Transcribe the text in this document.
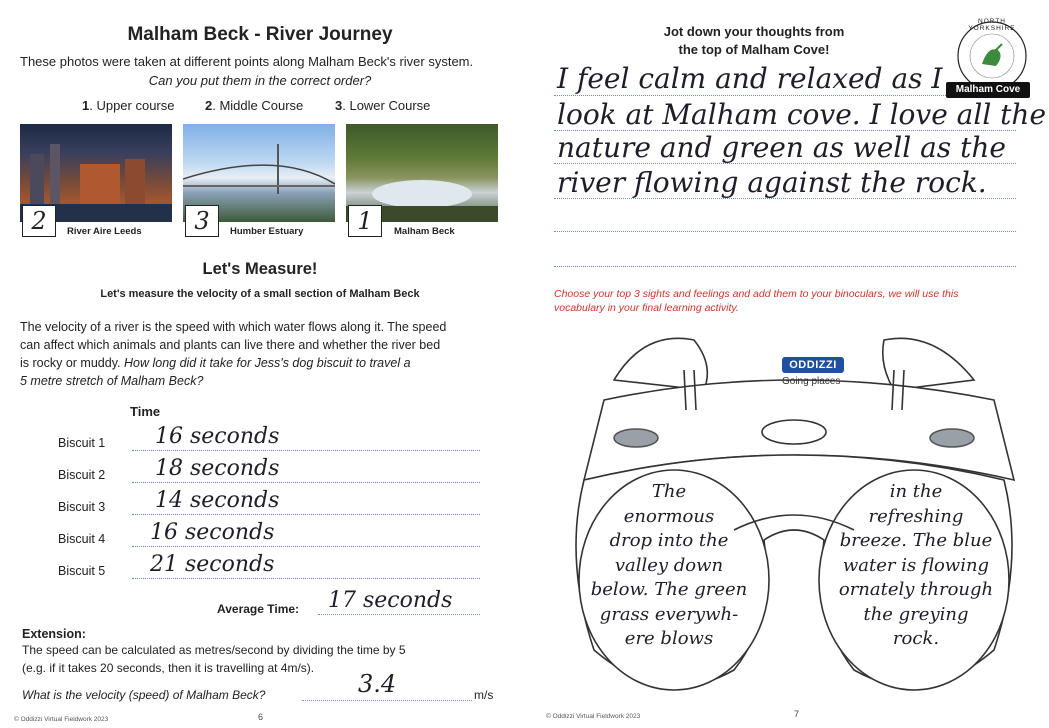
Malham Beck - River Journey
These photos were taken at different points along Malham Beck's river system.
Can you put them in the correct order?
1. Upper course 2. Middle Course 3. Lower Course
2	River Aire Leeds	3	Humber Estuary	1	Malham Beck
Let's Measure!
Let's measure the velocity of a small section of Malham Beck
The velocity of a river is the speed with which water flows along it. The speed
can affect which animals and plants can live there and whether the river bed
is rocky or muddy. How long did it take for Jess's dog biscuit to travel a
5 metre stretch of Malham Beck?
Time
Biscuit 1 16 seconds
Biscuit 2 18 seconds
Biscuit 3 14 seconds
Biscuit 4 16 seconds
Biscuit 5 21 seconds
Average Time: 17 seconds
Extension:
The speed can be calculated as metres/second by dividing the time by 5
(e.g. if it takes 20 seconds, then it is travelling at 4m/s).
What is the velocity (speed) of Malham Beck?	3.4	m/s
© Oddizzi Virtual Fieldwork 2023	6
Jot down your thoughts from
the top of Malham Cove!
NORTH YORKSHIRE
Malham Cove
I feel calm and relaxed as I
look at Malham cove. I love all the
nature and green as well as the
river flowing against the rock.
Choose your top 3 sights and feelings and add them to your binoculars, we will use this
vocabulary in your final learning activity.
ODDIZZI
Going places
The
enormous
drop into the
valley down
below. The green
grass everywh-
ere blows
in the
refreshing
breeze. The blue
water is flowing
ornately through
the greying
rock.
© Oddizzi Virtual Fieldwork 2023	7
